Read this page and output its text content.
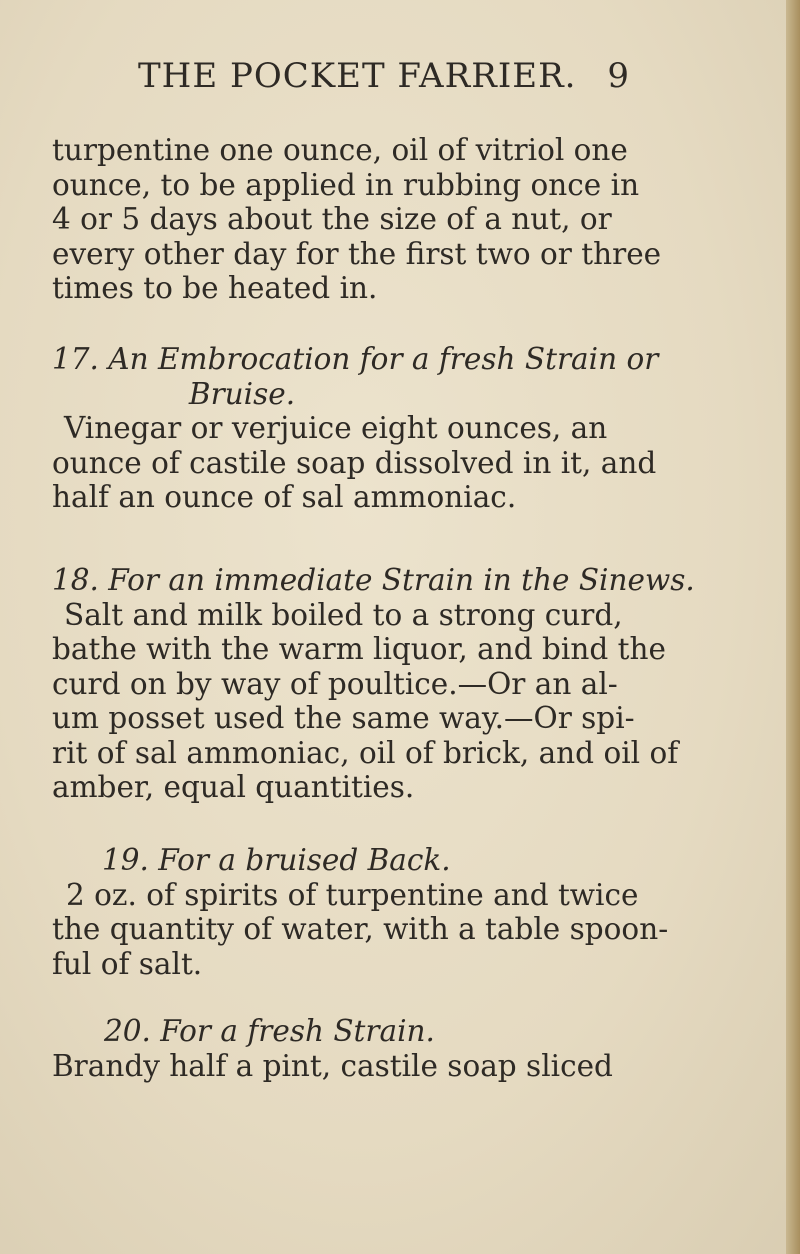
THE POCKET FARRIER. 9
turpentine one ounce, oil of vitriol one
ounce, to be applied in rubbing once in
4 or 5 days about the size of a nut, or
every other day for the first two or three
times to be heated in.
17. An Embrocation for a fresh Strain or
Bruise.
Vinegar or verjuice eight ounces, an
ounce of castile soap dissolved in it, and
half an ounce of sal ammoniac.
18. For an immediate Strain in the Sinews.
Salt and milk boiled to a strong curd,
bathe with the warm liquor, and bind the
curd on by way of poultice.—Or an al-
um posset used the same way.—Or spi-
rit of sal ammoniac, oil of brick, and oil of
amber, equal quantities.
19. For a bruised Back.
2 oz. of spirits of turpentine and twice
the quantity of water, with a table spoon-
ful of salt.
20. For a fresh Strain.
Brandy half a pint, castile soap sliced
